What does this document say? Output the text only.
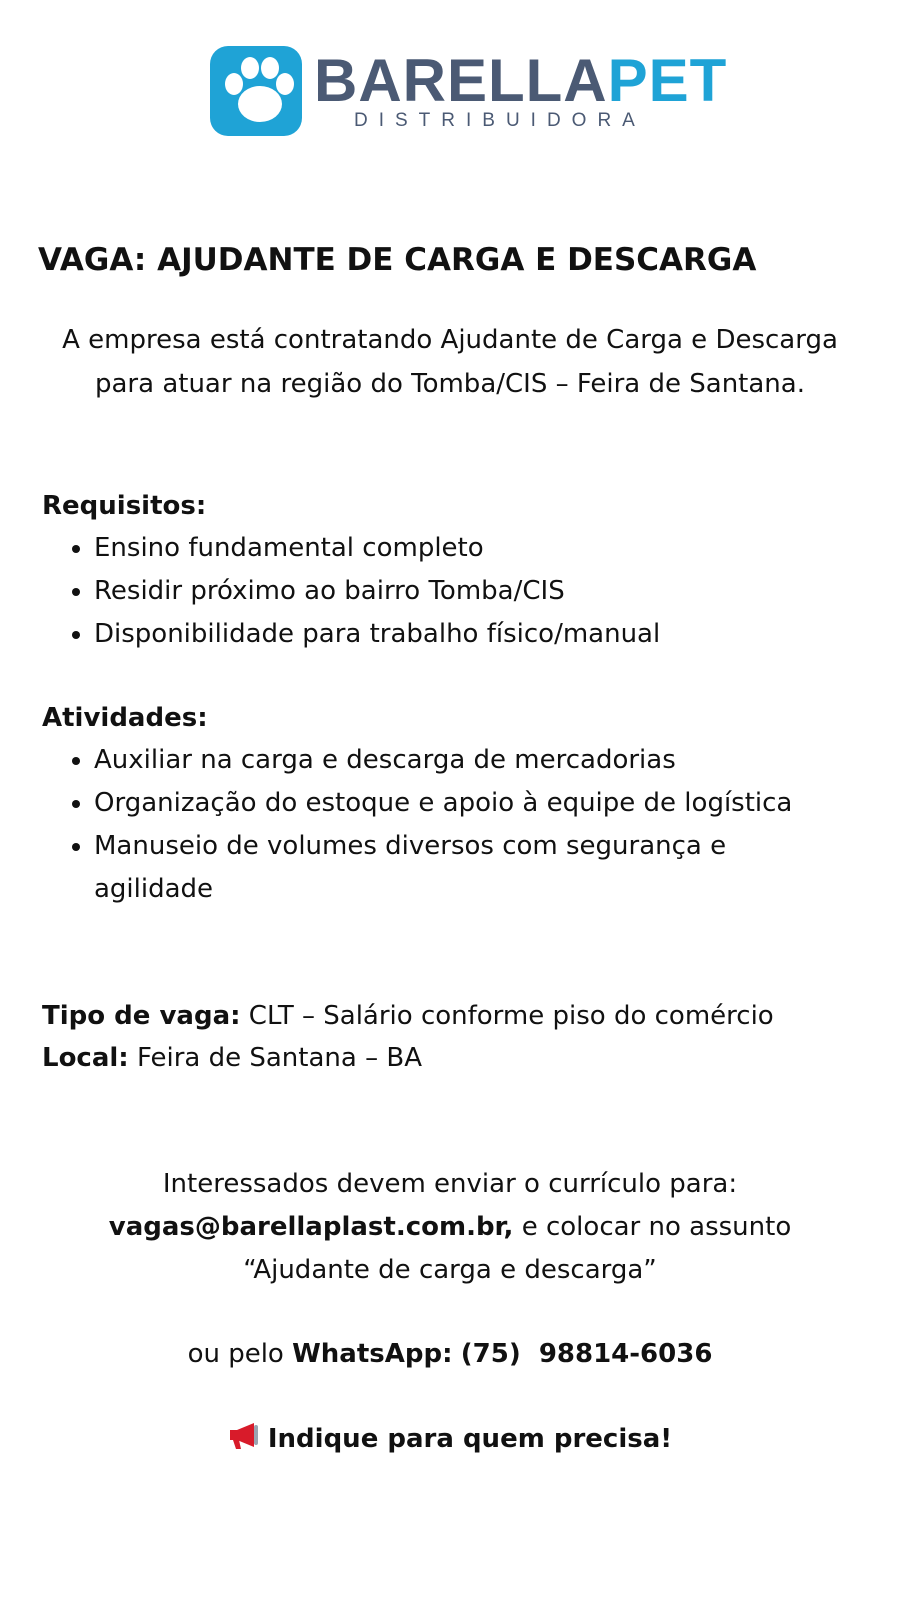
BARELLAPET
DISTRIBUIDORA
VAGA: AJUDANTE DE CARGA E DESCARGA

A empresa está contratando Ajudante de Carga e Descarga para atuar na região do Tomba/CIS – Feira de Santana.

Requisitos:

• Ensino fundamental completo
• Residir próximo ao bairro Tomba/CIS
• Disponibilidade para trabalho físico/manual

Atividades:

• Auxiliar na carga e descarga de mercadorias
• Organização do estoque e apoio à equipe de logística
• Manuseio de volumes diversos com segurança e agilidade

Tipo de vaga: CLT – Salário conforme piso do comércio

Local: Feira de Santana – BA

Interessados devem enviar o currículo para:

vagas@barellaplast.com.br, e colocar no assunto

“Ajudante de carga e descarga”

ou pelo WhatsApp: (75)  98814-6036

Indique para quem precisa!
